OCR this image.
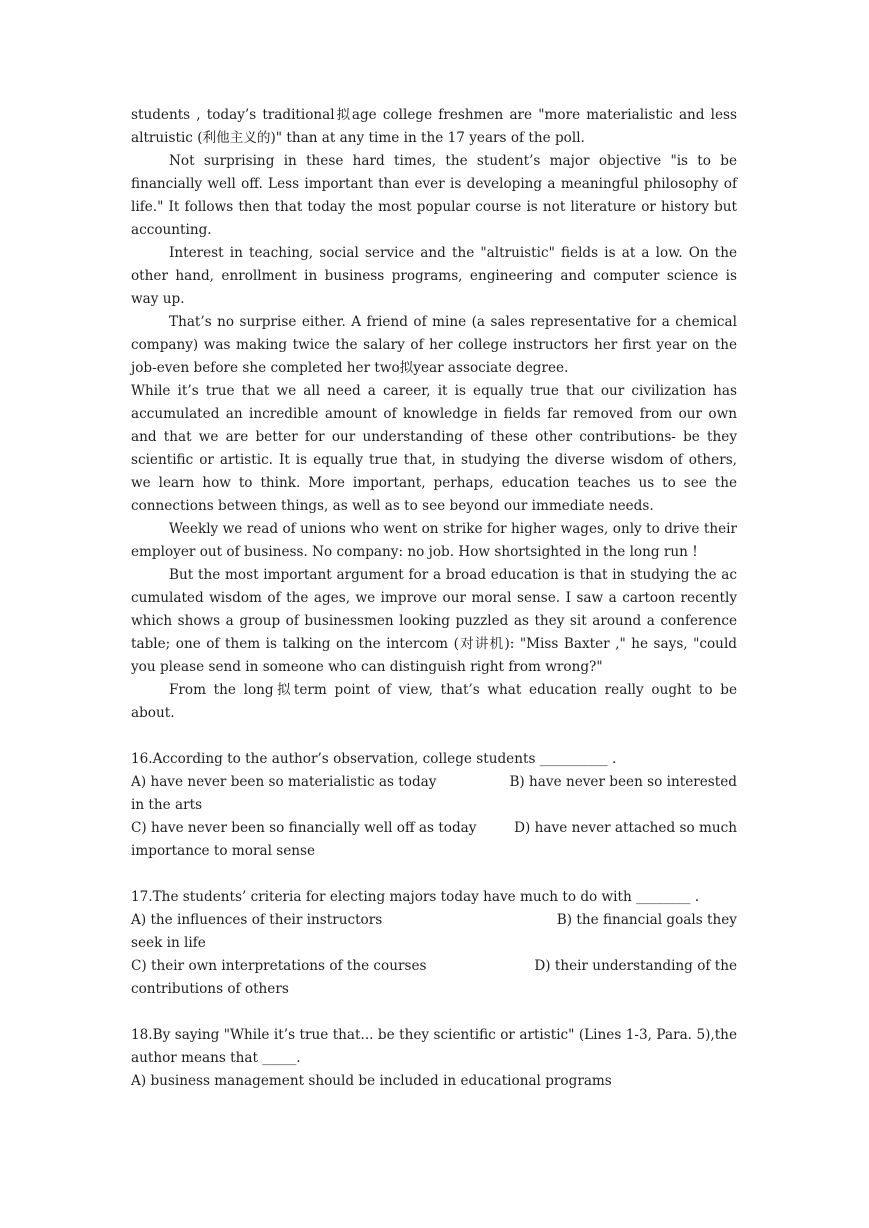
students , today’s traditional拟age college freshmen are "more materialistic and less altruistic (利他主义的)" than at any time in the 17 years of the poll.

Not surprising in these hard times, the student’s major objective "is to be financially well off. Less important than ever is developing a meaningful philosophy of life." It follows then that today the most popular course is not literature or history but accounting.

Interest in teaching, social service and the "altruistic" fields is at a low. On the other hand, enrollment in business programs, engineering and computer science is way up.

That’s no surprise either. A friend of mine (a sales representative for a chemical company) was making twice the salary of her college instructors her first year on the job-even before she completed her two拟year associate degree.

While it’s true that we all need a career, it is equally true that our civilization has accumulated an incredible amount of knowledge in fields far removed from our own and that we are better for our understanding of these other contributions- be they scientific or artistic. It is equally true that, in studying the diverse wisdom of others, we learn how to think. More important, perhaps, education teaches us to see the connections between things, as well as to see beyond our immediate needs.

Weekly we read of unions who went on strike for higher wages, only to drive their employer out of business. No company: no job. How shortsighted in the long run !

But the most important argument for a broad education is that in studying the ac cumulated wisdom of the ages, we improve our moral sense. I saw a cartoon recently which shows a group of businessmen looking puzzled as they sit around a conference table; one of them is talking on the intercom (对讲机): "Miss Baxter ," he says, "could you please send in someone who can distinguish right from wrong?"

From the long拟term point of view, that’s what education really ought to be about.

16.According to the author’s observation, college students __________ .

A) have never been so materialistic as today	B) have never been so interested

in the arts

C) have never been so financially well off as today	D) have never attached so much

importance to moral sense

17.The students’ criteria for electing majors today have much to do with ________ .

A) the influences of their instructors	B) the financial goals they

seek in life

C) their own interpretations of the courses	D) their understanding of the

contributions of others

18.By saying "While it’s true that... be they scientific or artistic" (Lines 1-3, Para. 5),the author means that _____.

A) business management should be included in educational programs
